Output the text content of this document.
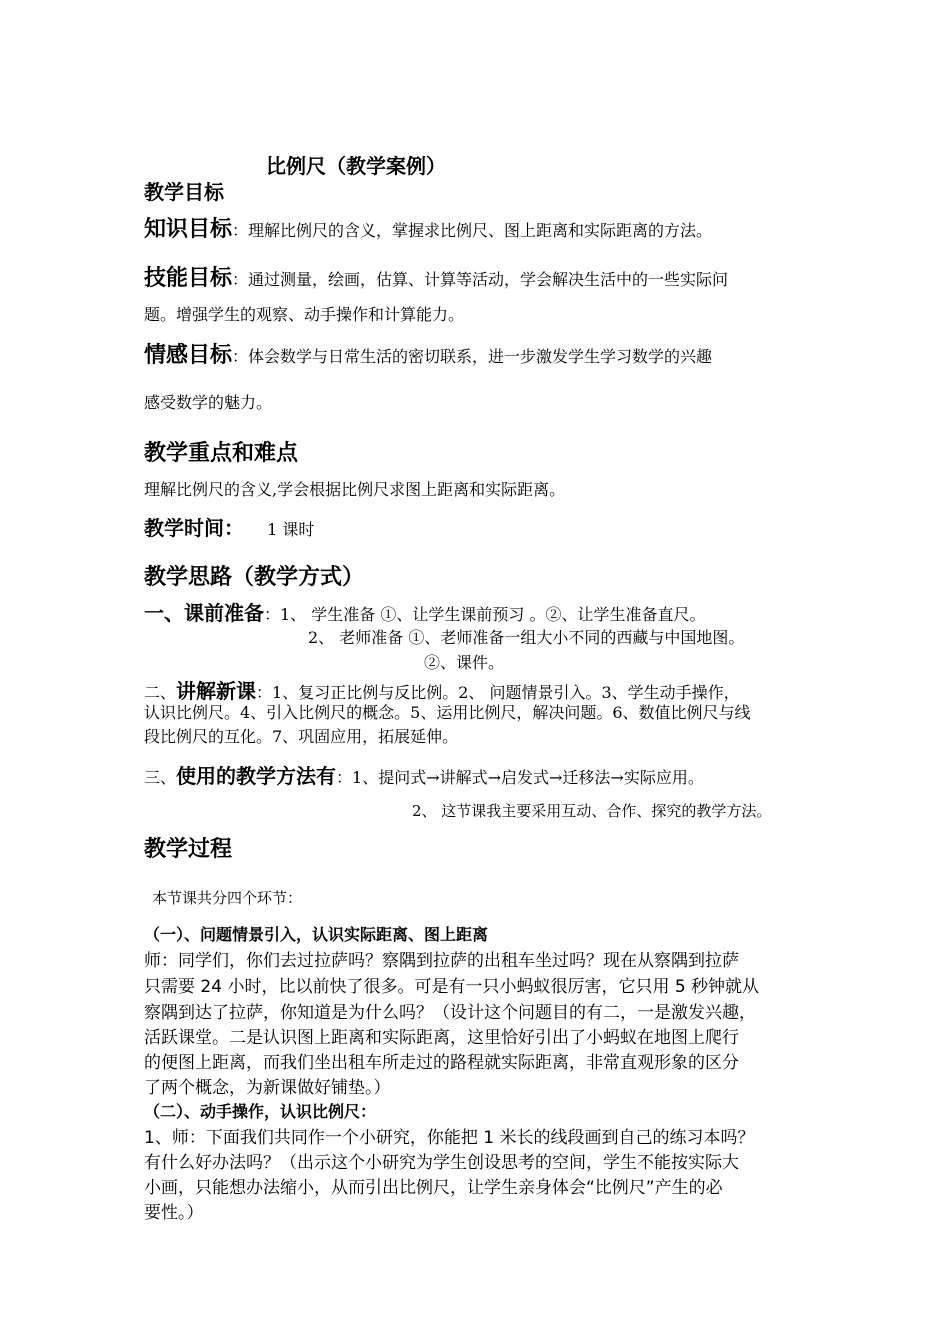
比例尺（教学案例）
教学目标
知识目标：理解比例尺的含义，掌握求比例尺、图上距离和实际距离的方法。
技能目标：通过测量，绘画，估算、计算等活动，学会解决生活中的一些实际问
题。增强学生的观察、动手操作和计算能力。
情感目标：体会数学与日常生活的密切联系，进一步激发学生学习数学的兴趣
感受数学的魅力。
教学重点和难点
理解比例尺的含义,学会根据比例尺求图上距离和实际距离。
教学时间： 1 课时
教学思路（教学方式）
一、课前准备：1、 学生准备 ①、让学生课前预习 。②、让学生准备直尺。
2、 老师准备 ①、老师准备一组大小不同的西藏与中国地图。
②、课件。
二、讲解新课：1、复习正比例与反比例。2、 问题情景引入。3、学生动手操作，
认识比例尺。4、引入比例尺的概念。5、运用比例尺，解决问题。6、数值比例尺与线
段比例尺的互化。7、巩固应用，拓展延伸。
三、使用的教学方法有：1、提问式→讲解式→启发式→迁移法→实际应用。
2、 这节课我主要采用互动、合作、探究的教学方法。
教学过程
本节课共分四个环节：
（一）、问题情景引入，认识实际距离、图上距离
师：同学们，你们去过拉萨吗？察隅到拉萨的出租车坐过吗？现在从察隅到拉萨
只需要 24 小时，比以前快了很多。可是有一只小蚂蚁很厉害，它只用 5 秒钟就从
察隅到达了拉萨，你知道是为什么吗？（设计这个问题目的有二，一是激发兴趣，
活跃课堂。二是认识图上距离和实际距离，这里恰好引出了小蚂蚁在地图上爬行
的便图上距离，而我们坐出租车所走过的路程就实际距离，非常直观形象的区分
了两个概念，为新课做好铺垫。）
（二）、动手操作，认识比例尺：
1、师：下面我们共同作一个小研究，你能把 1 米长的线段画到自己的练习本吗？
有什么好办法吗？（出示这个小研究为学生创设思考的空间，学生不能按实际大
小画，只能想办法缩小，从而引出比例尺，让学生亲身体会“比例尺”产生的必
要性。）
